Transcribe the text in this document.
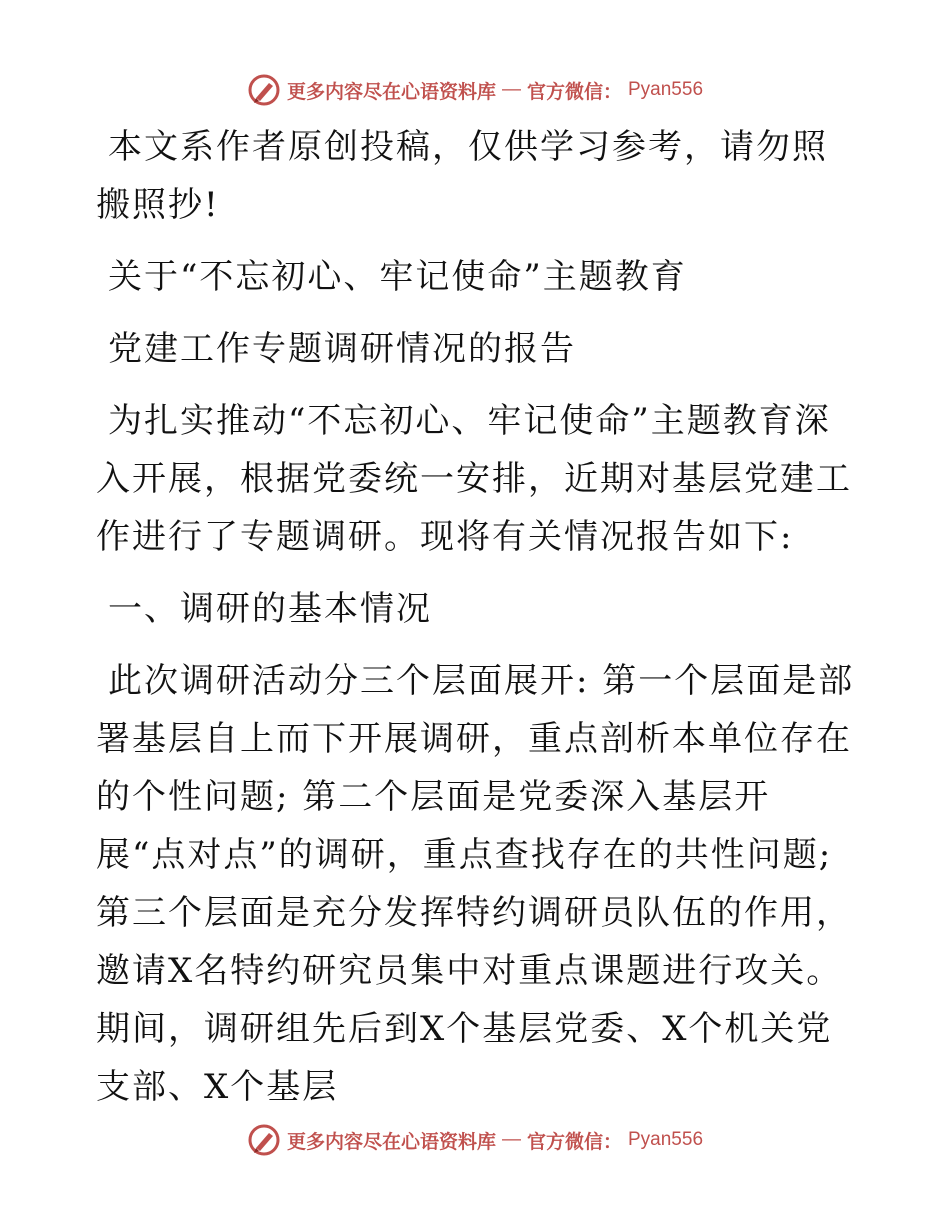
更多内容尽在心语资料库 — 官方微信： Pyan556

本文系作者原创投稿，仅供学习参考，请勿照搬照抄!

关于“不忘初心、牢记使命”主题教育

党建工作专题调研情况的报告

为扎实推动“不忘初心、牢记使命”主题教育深入开展，根据党委统一安排，近期对基层党建工作进行了专题调研。现将有关情况报告如下:

一、调研的基本情况

此次调研活动分三个层面展开: 第一个层面是部署基层自上而下开展调研，重点剖析本单位存在的个性问题; 第二个层面是党委深入基层开展“点对点”的调研，重点查找存在的共性问题; 第三个层面是充分发挥特约调研员队伍的作用，邀请X名特约研究员集中对重点课题进行攻关。期间，调研组先后到X个基层党委、X个机关党支部、X个基层

更多内容尽在心语资料库 — 官方微信： Pyan556
